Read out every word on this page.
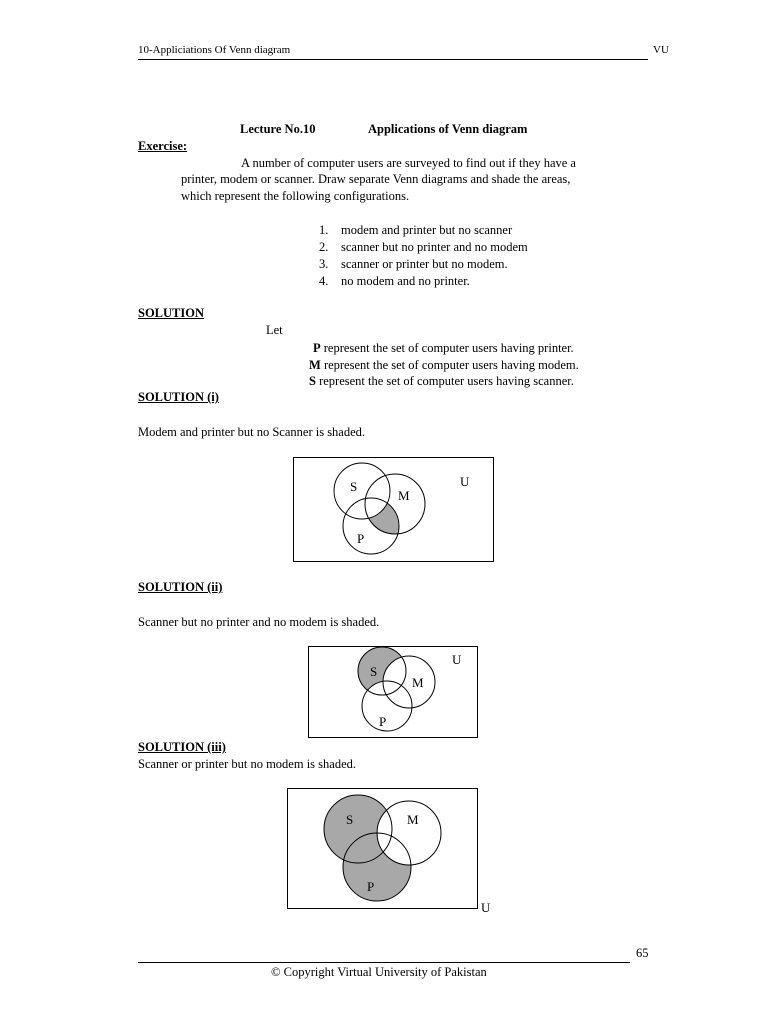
10-Appliciations Of Venn diagram	VU
Lecture No.10	Applications of Venn diagram
Exercise:
A number of computer users are surveyed to find out if they have a
printer, modem or scanner. Draw separate Venn diagrams and shade the areas,
which represent the following configurations.
1. modem and printer but no scanner
2. scanner but no printer and no modem
3. scanner or printer but no modem.
4. no modem and no printer.
SOLUTION
Let
P represent the set of computer users having printer.
M represent the set of computer users having modem.
S represent the set of computer users having scanner.
SOLUTION (i)
Modem and printer but no Scanner is shaded.
S
M
P
U
SOLUTION (ii)
Scanner but no printer and no modem is shaded.
S
M
P
U
SOLUTION (iii)
Scanner or printer but no modem is shaded.
S	M
P
U
65
© Copyright Virtual University of Pakistan
